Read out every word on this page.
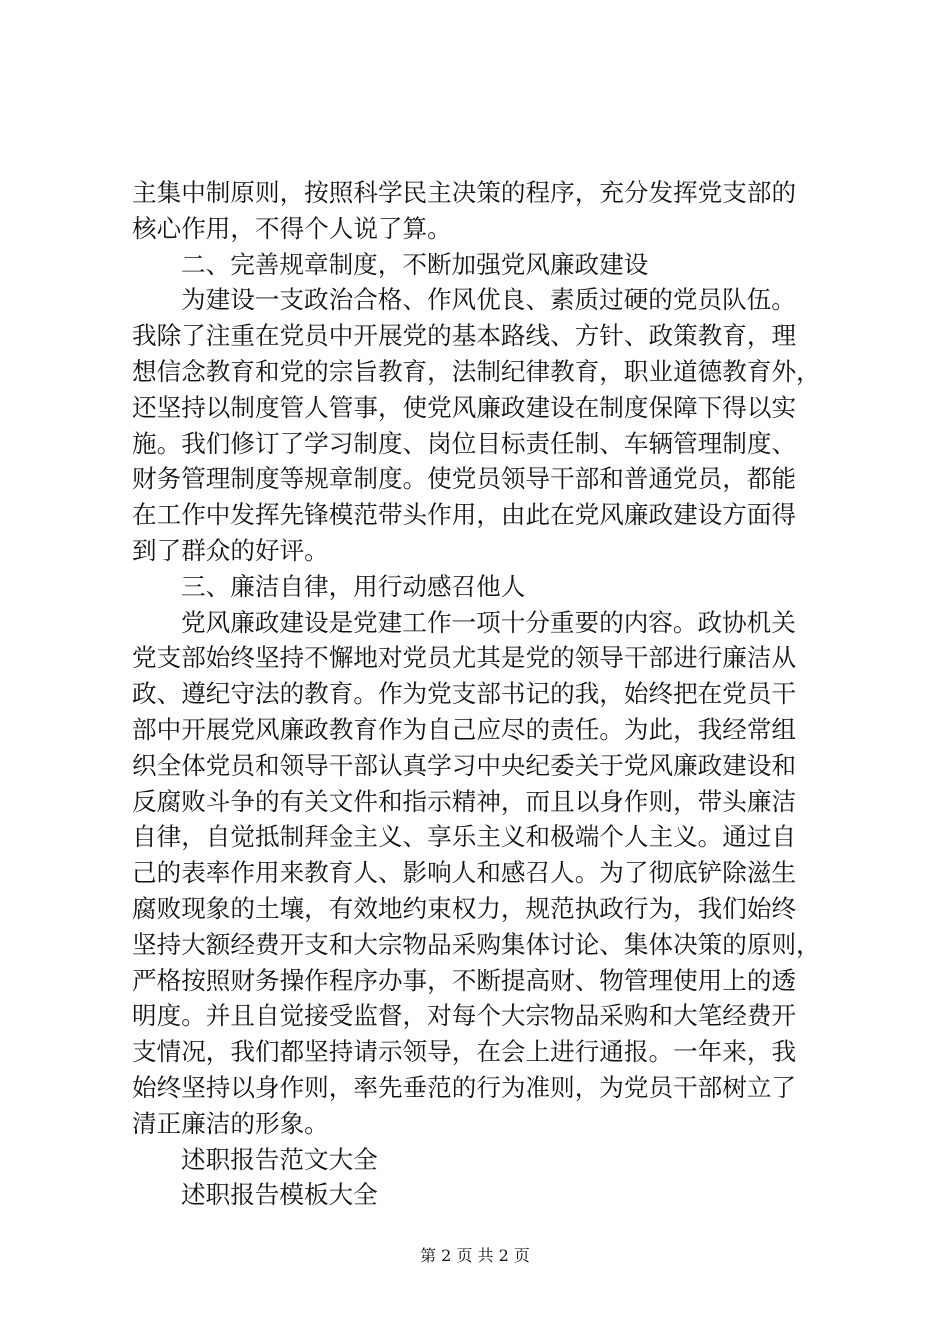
主集中制原则，按照科学民主决策的程序，充分发挥党支部的
核心作用，不得个人说了算。
二、完善规章制度，不断加强党风廉政建设
为建设一支政治合格、作风优良、素质过硬的党员队伍。
我除了注重在党员中开展党的基本路线、方针、政策教育，理
想信念教育和党的宗旨教育，法制纪律教育，职业道德教育外，
还坚持以制度管人管事，使党风廉政建设在制度保障下得以实
施。我们修订了学习制度、岗位目标责任制、车辆管理制度、
财务管理制度等规章制度。使党员领导干部和普通党员，都能
在工作中发挥先锋模范带头作用，由此在党风廉政建设方面得
到了群众的好评。
三、廉洁自律，用行动感召他人
党风廉政建设是党建工作一项十分重要的内容。政协机关
党支部始终坚持不懈地对党员尤其是党的领导干部进行廉洁从
政、遵纪守法的教育。作为党支部书记的我，始终把在党员干
部中开展党风廉政教育作为自己应尽的责任。为此，我经常组
织全体党员和领导干部认真学习中央纪委关于党风廉政建设和
反腐败斗争的有关文件和指示精神，而且以身作则，带头廉洁
自律，自觉抵制拜金主义、享乐主义和极端个人主义。通过自
己的表率作用来教育人、影响人和感召人。为了彻底铲除滋生
腐败现象的土壤，有效地约束权力，规范执政行为，我们始终
坚持大额经费开支和大宗物品采购集体讨论、集体决策的原则，
严格按照财务操作程序办事，不断提高财、物管理使用上的透
明度。并且自觉接受监督，对每个大宗物品采购和大笔经费开
支情况，我们都坚持请示领导，在会上进行通报。一年来，我
始终坚持以身作则，率先垂范的行为准则，为党员干部树立了
清正廉洁的形象。
述职报告范文大全
述职报告模板大全
第 2 页 共 2 页
